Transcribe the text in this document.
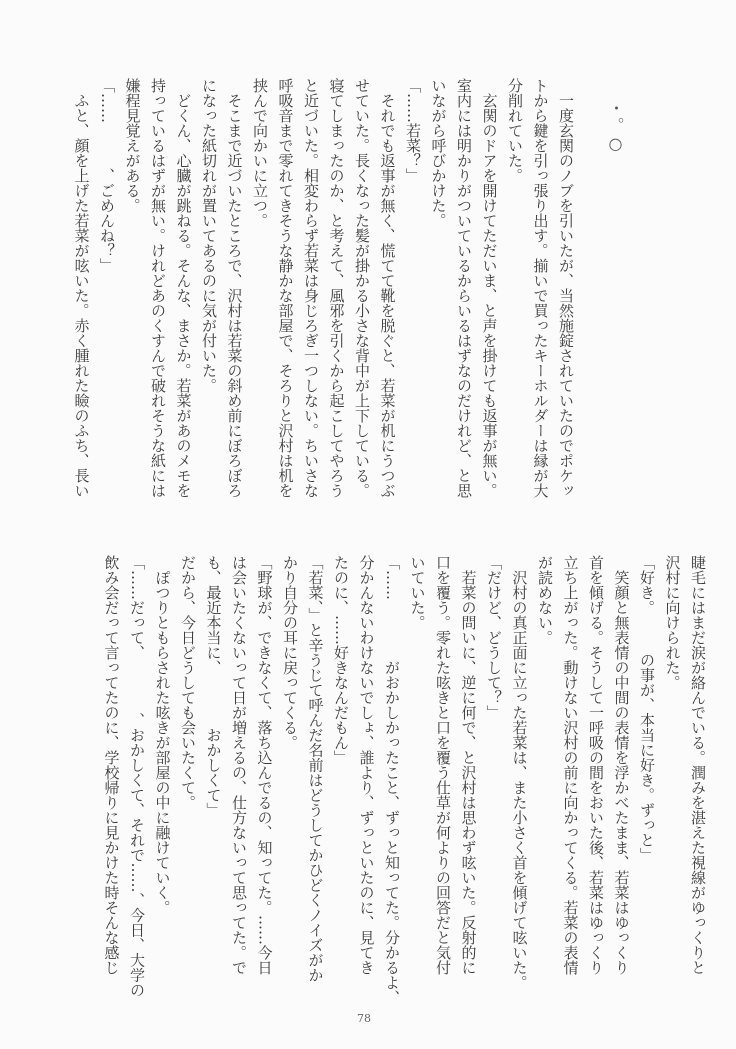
・。○
　一度玄関のノブを引いたが、当然施錠されていたのでポケッ
トから鍵を引っ張り出す。揃いで買ったキーホルダーは縁が大
分削れていた。
　玄関のドアを開けてただいま、と声を掛けても返事が無い。
室内には明かりがついているからいるはずなのだけれど、と思
いながら呼びかけた。
「……若菜？」
　それでも返事が無く、慌てて靴を脱ぐと、若菜が机にうつぶ
せていた。長くなった髪が掛かる小さな背中が上下している。
寝てしまったのか、と考えて、風邪を引くから起こしてやろう
と近づいた。相変わらず若菜は身じろぎ一つしない。ちいさな
呼吸音まで零れてきそうな静かな部屋で、そろりと沢村は机を
挟んで向かいに立つ。
　そこまで近づいたところで、沢村は若菜の斜め前にぼろぼろ
になった紙切れが置いてあるのに気が付いた。
　どくん、心臓が跳ねる。そんな、まさか。若菜があのメモを
持っているはずが無い。けれどあのくすんで破れそうな紙には
嫌程見覚えがある。
「……　　　、ごめんね？」
　ふと、顔を上げた若菜が呟いた。赤く腫れた瞼のふち、長い
睫毛にはまだ涙が絡んでいる。潤みを湛えた視線がゆっくりと
沢村に向けられた。
「好き。　　　の事が、本当に好き。ずっと」
　笑顔と無表情の中間の表情を浮かべたまま、若菜はゆっくり
首を傾げる。そうして一呼吸の間をおいた後、若菜はゆっくり
立ち上がった。動けない沢村の前に向かってくる。若菜の表情
が読めない。
　沢村の真正面に立った若菜は、また小さく首を傾げて呟いた。
「だけど、どうして？」
　若菜の問いに、逆に何で、と沢村は思わず呟いた。反射的に
口を覆う。零れた呟きと口を覆う仕草が何よりの回答だと気付
いていた。
「……　　　　がおかしかったこと、ずっと知ってた。分かるよ、
分かんないわけないでしょ、誰より、ずっといたのに、見てき
たのに、……好きなんだもん」
「若菜、」と辛うじて呼んだ名前はどうしてかひどくノイズがか
かり自分の耳に戻ってくる。
「野球が、できなくて、落ち込んでるの、知ってた。……今日
は会いたくないって日が増えるの、仕方ないって思ってた。で
も、最近本当に、　　　　おかしくて」
だから、今日どうしても会いたくて。
　ぽつりともらされた呟きが部屋の中に融けていく。
「……だって、　　　　、おかしくて、それで……、今日、大学の
飲み会だって言ってたのに、学校帰りに見かけた時そんな感じ
78
